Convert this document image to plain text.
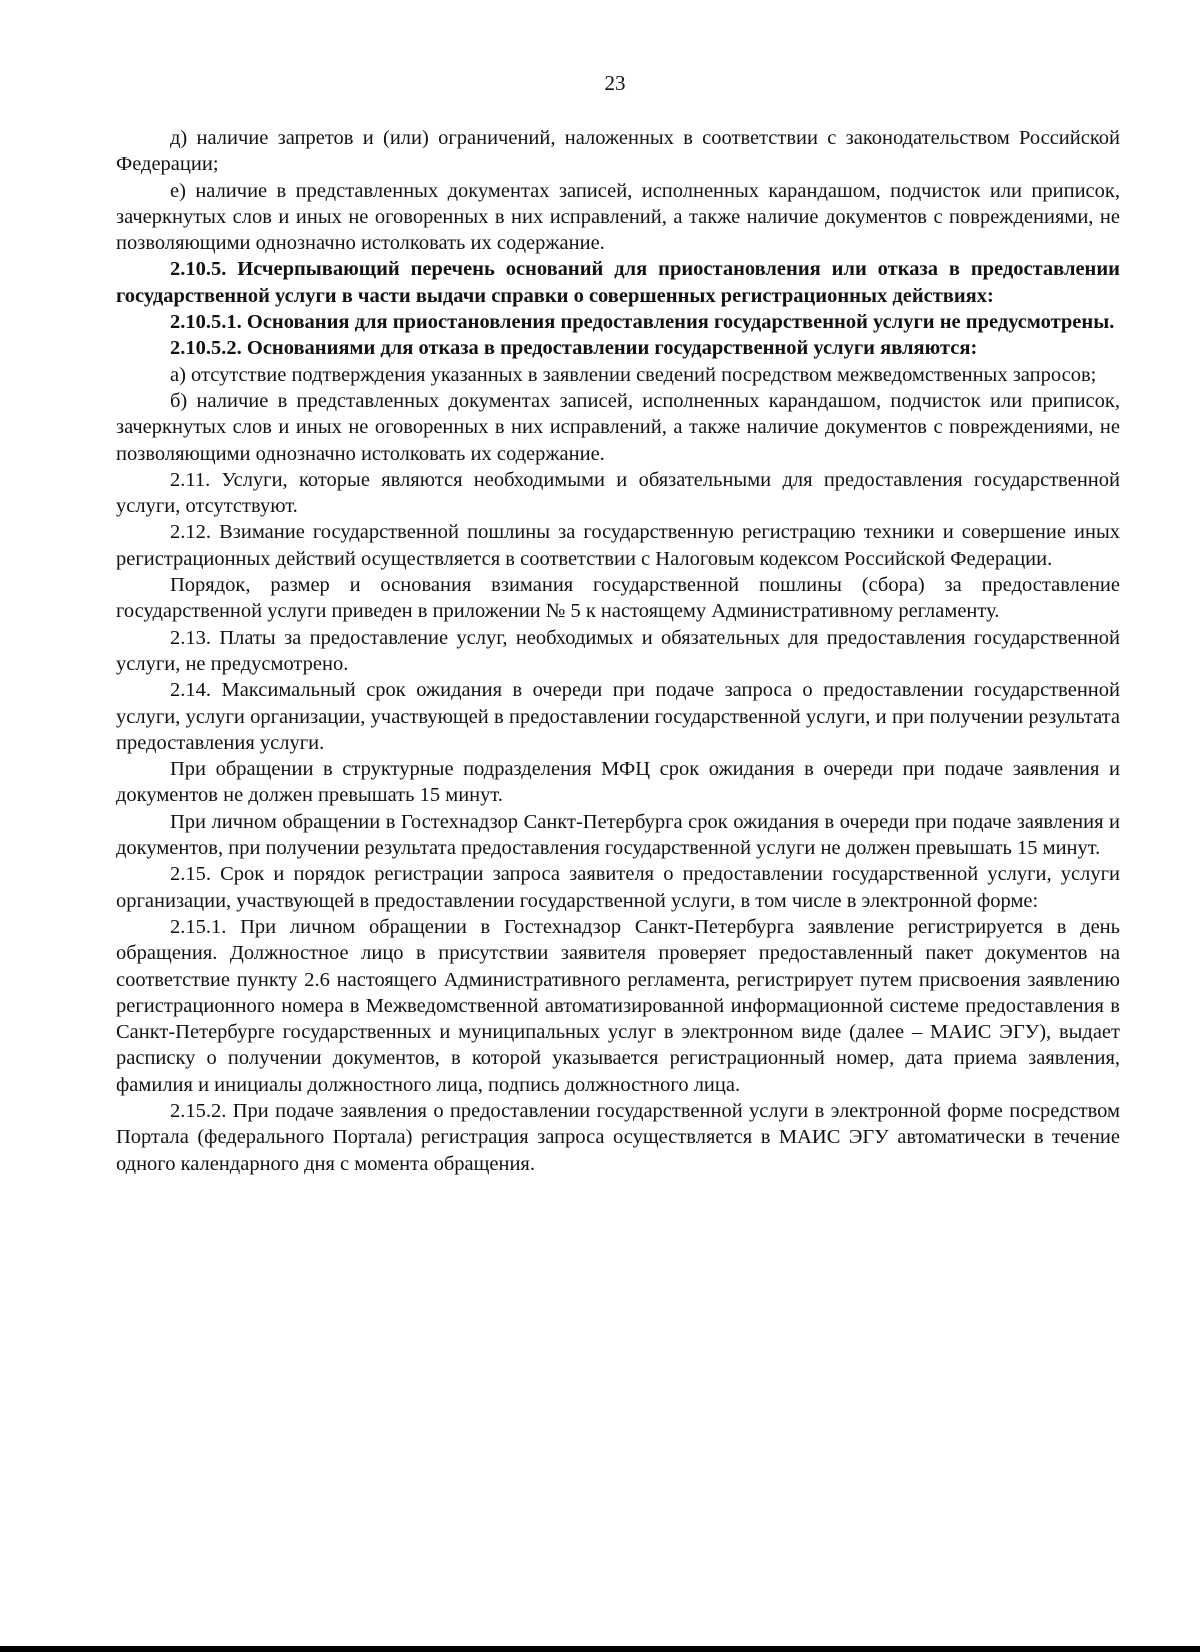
23

д) наличие запретов и (или) ограничений, наложенных в соответствии с законодательством Российской Федерации;

е) наличие в представленных документах записей, исполненных карандашом, подчисток или приписок, зачеркнутых слов и иных не оговоренных в них исправлений, а также наличие документов с повреждениями, не позволяющими однозначно истолковать их содержание.

2.10.5. Исчерпывающий перечень оснований для приостановления или отказа в предоставлении государственной услуги в части выдачи справки о совершенных регистрационных действиях:

2.10.5.1. Основания для приостановления предоставления государственной услуги не предусмотрены.

2.10.5.2. Основаниями для отказа в предоставлении государственной услуги являются:

а) отсутствие подтверждения указанных в заявлении сведений посредством межведомственных запросов;

б) наличие в представленных документах записей, исполненных карандашом, подчисток или приписок, зачеркнутых слов и иных не оговоренных в них исправлений, а также наличие документов с повреждениями, не позволяющими однозначно истолковать их содержание.

2.11. Услуги, которые являются необходимыми и обязательными для предоставления государственной услуги, отсутствуют.

2.12. Взимание государственной пошлины за государственную регистрацию техники и совершение иных регистрационных действий осуществляется в соответствии с Налоговым кодексом Российской Федерации.

Порядок, размер и основания взимания государственной пошлины (сбора) за предоставление государственной услуги приведен в приложении № 5 к настоящему Административному регламенту.

2.13. Платы за предоставление услуг, необходимых и обязательных для предоставления государственной услуги, не предусмотрено.

2.14. Максимальный срок ожидания в очереди при подаче запроса о предоставлении государственной услуги, услуги организации, участвующей в предоставлении государственной услуги, и при получении результата предоставления услуги.

При обращении в структурные подразделения МФЦ срок ожидания в очереди при подаче заявления и документов не должен превышать 15 минут.

При личном обращении в Гостехнадзор Санкт-Петербурга срок ожидания в очереди при подаче заявления и документов, при получении результата предоставления государственной услуги не должен превышать 15 минут.

2.15. Срок и порядок регистрации запроса заявителя о предоставлении государственной услуги, услуги организации, участвующей в предоставлении государственной услуги, в том числе в электронной форме:

2.15.1. При личном обращении в Гостехнадзор Санкт-Петербурга заявление регистрируется в день обращения. Должностное лицо в присутствии заявителя проверяет предоставленный пакет документов на соответствие пункту 2.6 настоящего Административного регламента, регистрирует путем присвоения заявлению регистрационного номера в Межведомственной автоматизированной информационной системе предоставления в Санкт-Петербурге государственных и муниципальных услуг в электронном виде (далее – МАИС ЭГУ), выдает расписку о получении документов, в которой указывается регистрационный номер, дата приема заявления, фамилия и инициалы должностного лица, подпись должностного лица.

2.15.2. При подаче заявления о предоставлении государственной услуги в электронной форме посредством Портала (федерального Портала) регистрация запроса осуществляется в МАИС ЭГУ автоматически в течение одного календарного дня с момента обращения.
